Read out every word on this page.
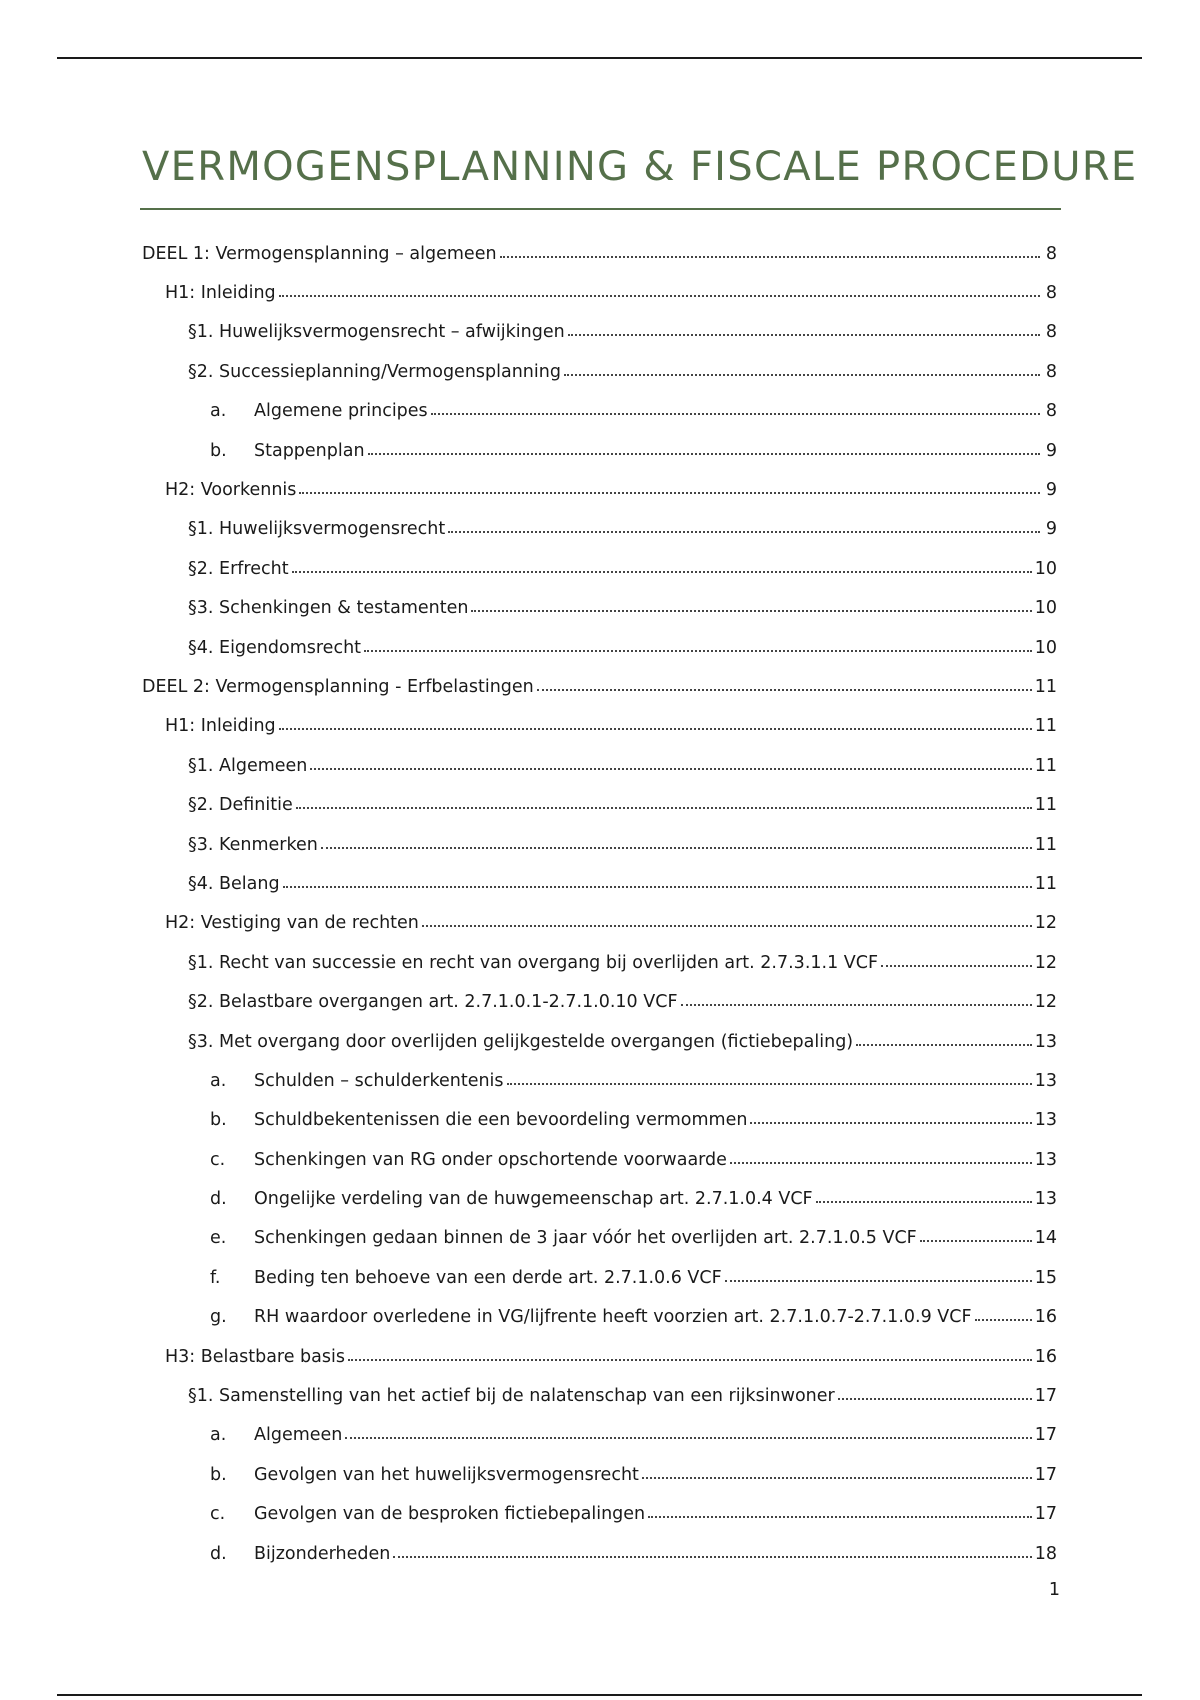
VERMOGENSPLANNING & FISCALE PROCEDURE
DEEL 1: Vermogensplanning – algemeen	8
H1: Inleiding	8
§1. Huwelijksvermogensrecht – afwijkingen	8
§2. Successieplanning/Vermogensplanning	8
a.	Algemene principes	8
b.	Stappenplan	9
H2: Voorkennis	9
§1. Huwelijksvermogensrecht	9
§2. Erfrecht	10
§3. Schenkingen & testamenten	10
§4. Eigendomsrecht	10
DEEL 2: Vermogensplanning - Erfbelastingen	11
H1: Inleiding	11
§1. Algemeen	11
§2. Definitie	11
§3. Kenmerken	11
§4. Belang	11
H2: Vestiging van de rechten	12
§1. Recht van successie en recht van overgang bij overlijden art. 2.7.3.1.1 VCF	12
§2. Belastbare overgangen art. 2.7.1.0.1-2.7.1.0.10 VCF	12
§3. Met overgang door overlijden gelijkgestelde overgangen (fictiebepaling)	13
a.	Schulden – schulderkentenis	13
b.	Schuldbekentenissen die een bevoordeling vermommen	13
c.	Schenkingen van RG onder opschortende voorwaarde	13
d.	Ongelijke verdeling van de huwgemeenschap art. 2.7.1.0.4 VCF	13
e.	Schenkingen gedaan binnen de 3 jaar vóór het overlijden art. 2.7.1.0.5 VCF	14
f.	Beding ten behoeve van een derde art. 2.7.1.0.6 VCF	15
g.	RH waardoor overledene in VG/lijfrente heeft voorzien art. 2.7.1.0.7-2.7.1.0.9 VCF	16
H3: Belastbare basis	16
§1. Samenstelling van het actief bij de nalatenschap van een rijksinwoner	17
a.	Algemeen	17
b.	Gevolgen van het huwelijksvermogensrecht	17
c.	Gevolgen van de besproken fictiebepalingen	17
d.	Bijzonderheden	18
1
